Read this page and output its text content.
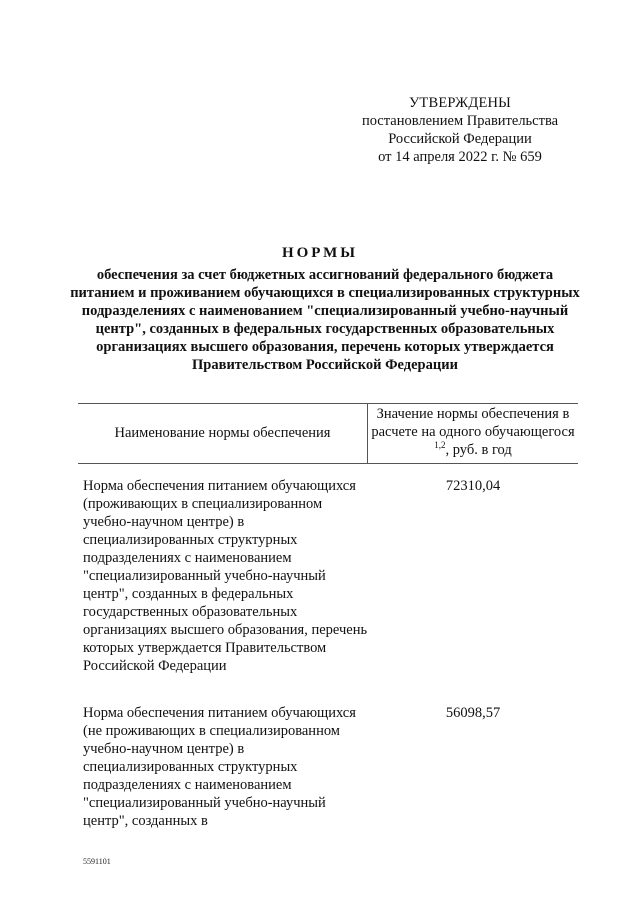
УТВЕРЖДЕНЫ
постановлением Правительства
Российской Федерации
от 14 апреля 2022 г. № 659
НОРМЫ
обеспечения за счет бюджетных ассигнований федерального бюджета питанием и проживанием обучающихся в специализированных структурных подразделениях с наименованием "специализированный учебно-научный центр", созданных в федеральных государственных образовательных организациях высшего образования, перечень которых утверждается Правительством Российской Федерации
Наименование нормы обеспечения
Значение нормы обеспечения в расчете на одного обучающегося $^{1,2}$, руб. в год
Норма обеспечения питанием обучающихся (проживающих в специализированном учебно-научном центре) в специализированных структурных подразделениях с наименованием "специализированный учебно-научный центр", созданных в федеральных государственных образовательных организациях высшего образования, перечень которых утверждается Правительством Российской Федерации
72310,04
Норма обеспечения питанием обучающихся (не проживающих в специализированном учебно-научном центре) в специализированных структурных подразделениях с наименованием "специализированный учебно-научный центр", созданных в
56098,57
5591101
